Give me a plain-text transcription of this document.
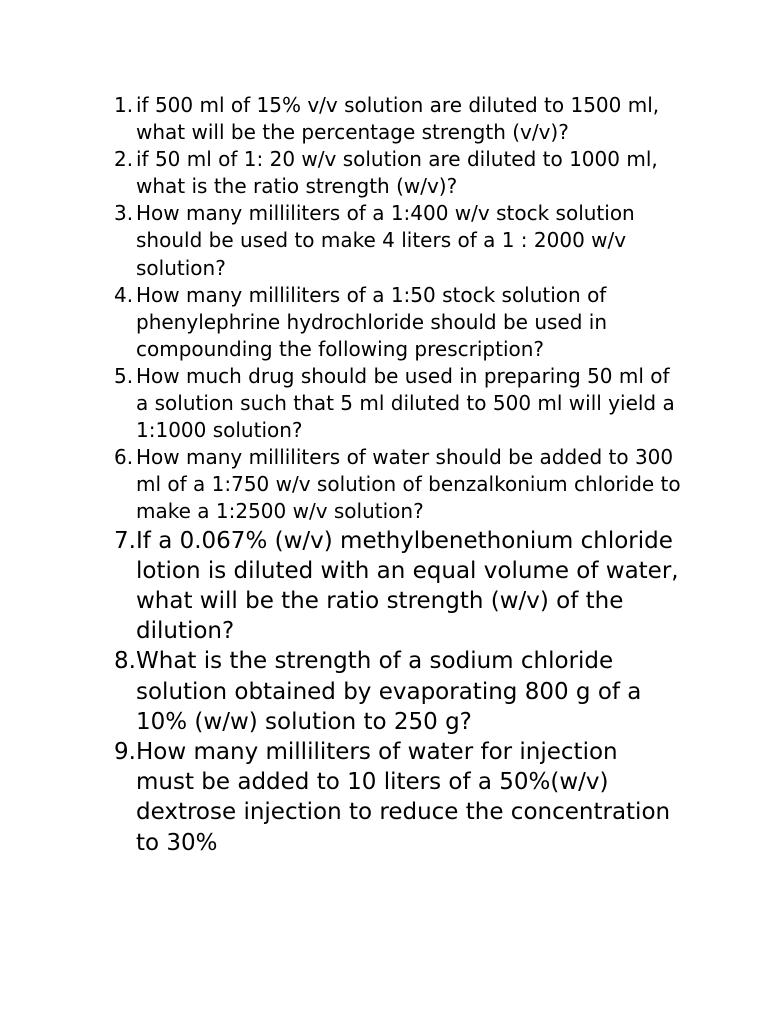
1. if 500 ml of 15% v/v solution are diluted to 1500 ml, what will be the percentage strength (v/v)?
2. if 50 ml of 1: 20 w/v solution are diluted to 1000 ml, what is the ratio strength (w/v)?
3. How many milliliters of a 1:400 w/v stock solution should be used to make 4 liters of a 1 : 2000 w/v solution?
4. How many milliliters of a 1:50 stock solution of phenylephrine hydrochloride should be used in compounding the following prescription?
5. How much drug should be used in preparing 50 ml of a solution such that 5 ml diluted to 500 ml will yield a 1:1000 solution?
6. How many milliliters of water should be added to 300 ml of a 1:750 w/v solution of benzalkonium chloride to make a 1:2500 w/v solution?
7. If a 0.067% (w/v) methylbenethonium chloride lotion is diluted with an equal volume of water, what will be the ratio strength (w/v) of the dilution?
8. What is the strength of a sodium chloride solution obtained by evaporating 800 g of a 10% (w/w) solution to 250 g?
9. How many milliliters of water for injection must be added to 10 liters of a 50%(w/v) dextrose injection to reduce the concentration to 30%
